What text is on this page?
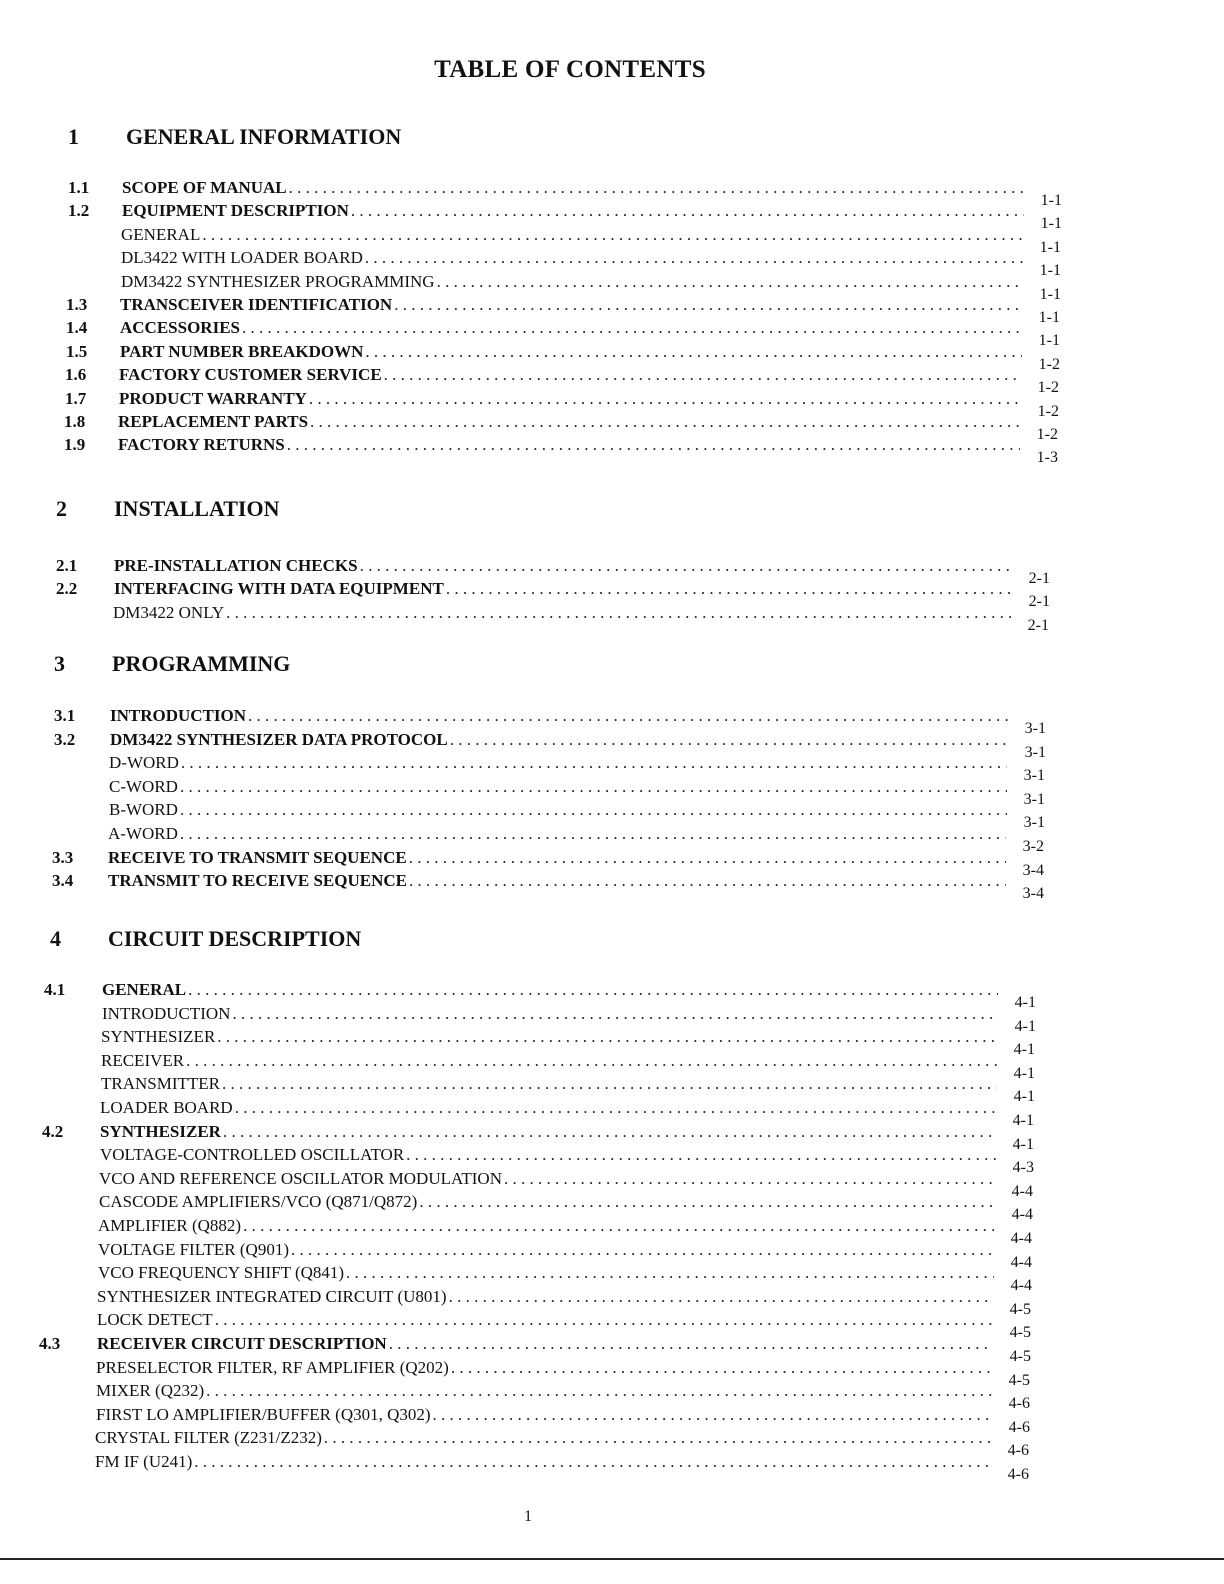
TABLE OF CONTENTS
1 GENERAL INFORMATION
1.1 SCOPE OF MANUAL
. . .
1-1
1.2 EQUIPMENT DESCRIPTION
. . .
1-1
GENERAL
. . .
1-1
DL3422 WITH LOADER BOARD
. . .
1-1
DM3422 SYNTHESIZER PROGRAMMING
. . .
1-1
1.3 TRANSCEIVER IDENTIFICATION
. . .
1-1
1.4 ACCESSORIES
. . .
1-1
1.5 PART NUMBER BREAKDOWN
. . .
1-2
1.6 FACTORY CUSTOMER SERVICE
. . .
1-2
1.7 PRODUCT WARRANTY
. . .
1-2
1.8 REPLACEMENT PARTS
. . .
1-2
1.9 FACTORY RETURNS
. . .
1-3
2 INSTALLATION
2.1 PRE-INSTALLATION CHECKS
. . .
2-1
2.2 INTERFACING WITH DATA EQUIPMENT
. . .
2-1
DM3422 ONLY
. . .
2-1
3 PROGRAMMING
3.1 INTRODUCTION
. . .
3-1
3.2 DM3422 SYNTHESIZER DATA PROTOCOL
. . .
3-1
D-WORD
. . .
3-1
C-WORD
. . .
3-1
B-WORD
. . .
3-1
A-WORD
. . .
3-2
3.3 RECEIVE TO TRANSMIT SEQUENCE
. . .
3-4
3.4 TRANSMIT TO RECEIVE SEQUENCE
. . .
3-4
4 CIRCUIT DESCRIPTION
4.1 GENERAL
. . .
4-1
INTRODUCTION
. . .
4-1
SYNTHESIZER
. . .
4-1
RECEIVER
. . .
4-1
TRANSMITTER
. . .
4-1
LOADER BOARD
. . .
4-1
4.2 SYNTHESIZER
. . .
4-1
VOLTAGE-CONTROLLED OSCILLATOR
. . .
4-3
VCO AND REFERENCE OSCILLATOR MODULATION
. . .
4-4
CASCODE AMPLIFIERS/VCO (Q871/Q872)
. . .
4-4
AMPLIFIER (Q882)
. . .
4-4
VOLTAGE FILTER (Q901)
. . .
4-4
VCO FREQUENCY SHIFT (Q841)
. . .
4-4
SYNTHESIZER INTEGRATED CIRCUIT (U801)
. . .
4-5
LOCK DETECT
. . .
4-5
4.3 RECEIVER CIRCUIT DESCRIPTION
. . .
4-5
PRESELECTOR FILTER, RF AMPLIFIER (Q202)
. . .
4-5
MIXER (Q232)
. . .
4-6
FIRST LO AMPLIFIER/BUFFER (Q301, Q302)
. . .
4-6
CRYSTAL FILTER (Z231/Z232)
. . .
4-6
FM IF (U241)
. . .
4-6
1
